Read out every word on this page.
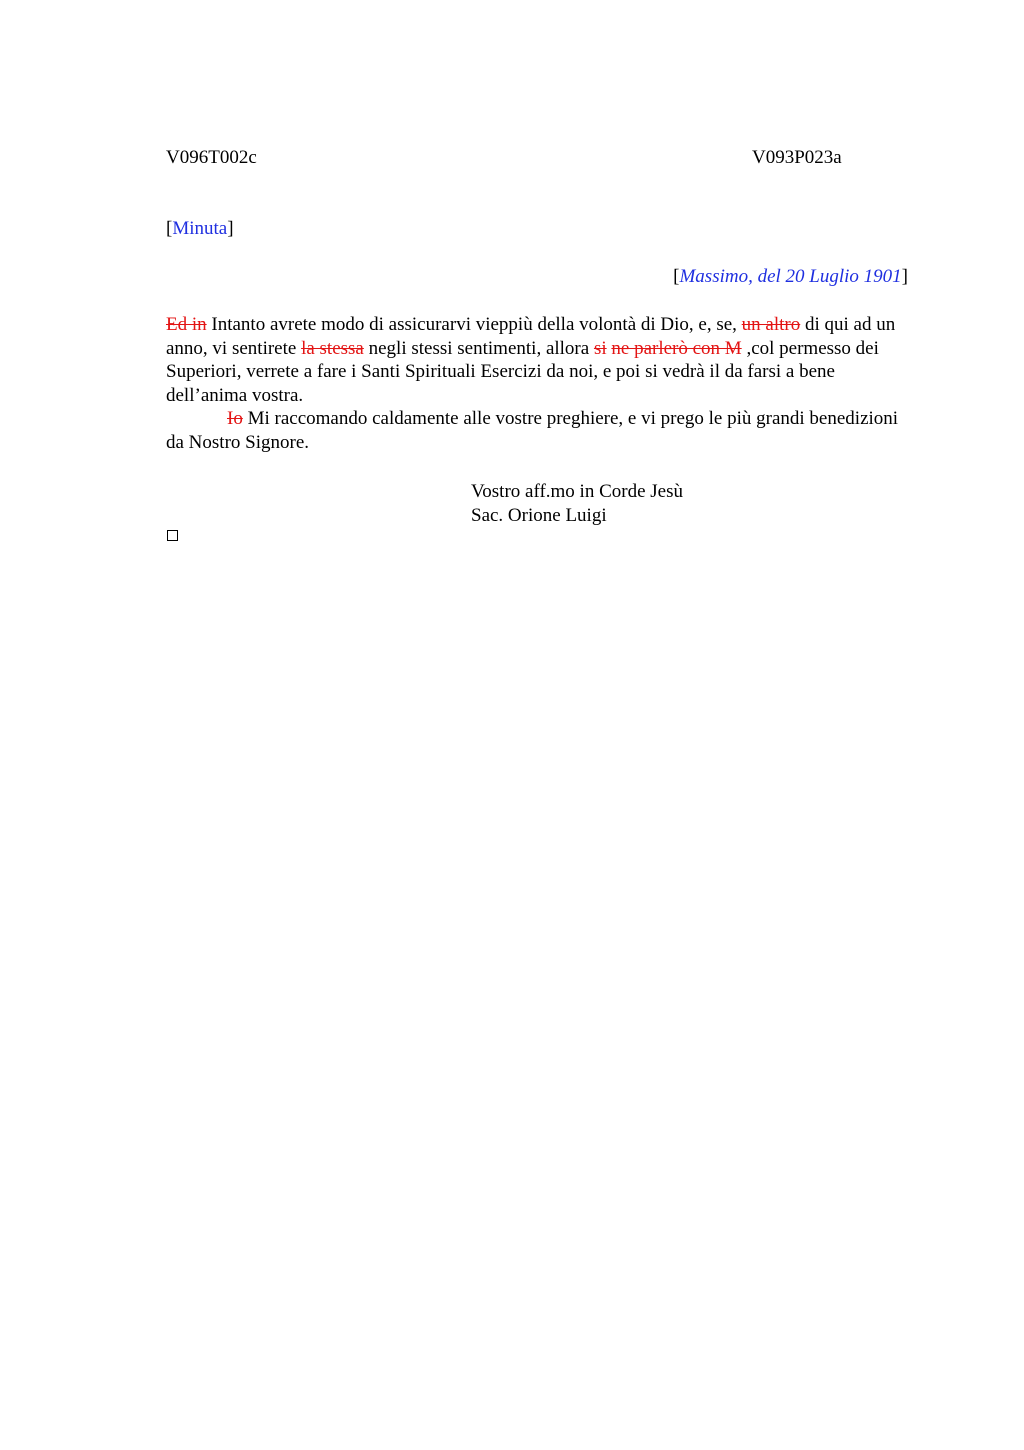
V096T002c	V093P023a
[Minuta]
[Massimo, del 20 Luglio 1901]

Ed in Intanto avrete modo di assicurarvi vieppiù della volontà di Dio, e, se, un altro di qui ad un anno, vi sentirete la stessa negli stessi sentimenti, allora si ne parlerò con M ,col permesso dei Superiori, verrete a fare i Santi Spirituali Esercizi da noi, e poi si vedrà il da farsi a bene dell’anima vostra.

Io Mi raccomando caldamente alle vostre preghiere, e vi prego le più grandi benedizioni da Nostro Signore.

Vostro aff.mo in Corde Jesù
Sac. Orione Luigi
